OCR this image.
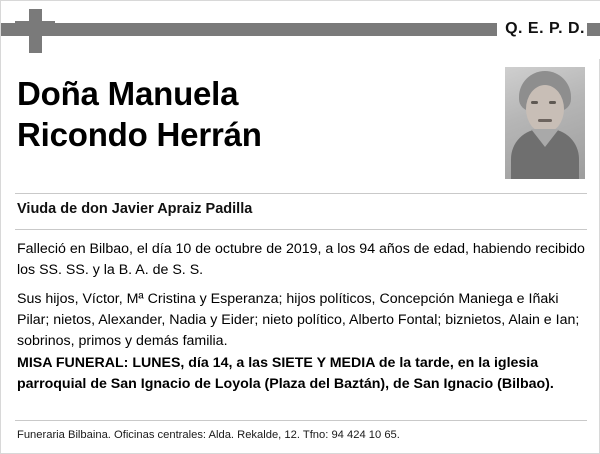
Q. E. P. D.
Doña Manuela
Ricondo Herrán
Viuda de don Javier Apraiz Padilla
Falleció en Bilbao, el día 10 de octubre de 2019, a los 94 años de edad, habiendo recibido los SS. SS. y la B. A. de S. S.
Sus hijos, Víctor, Mª Cristina y Esperanza; hijos políticos, Concepción Maniega e Iñaki Pilar; nietos, Alexander, Nadia y Eider; nieto político, Alberto Fontal; biznietos, Alain e Ian; sobrinos, primos y demás familia.
MISA FUNERAL: LUNES, día 14, a las SIETE Y MEDIA de la tarde, en la iglesia parroquial de San Ignacio de Loyola (Plaza del Baztán), de San Ignacio (Bilbao).
Funeraria Bilbaina. Oficinas centrales: Alda. Rekalde, 12. Tfno: 94 424 10 65.
